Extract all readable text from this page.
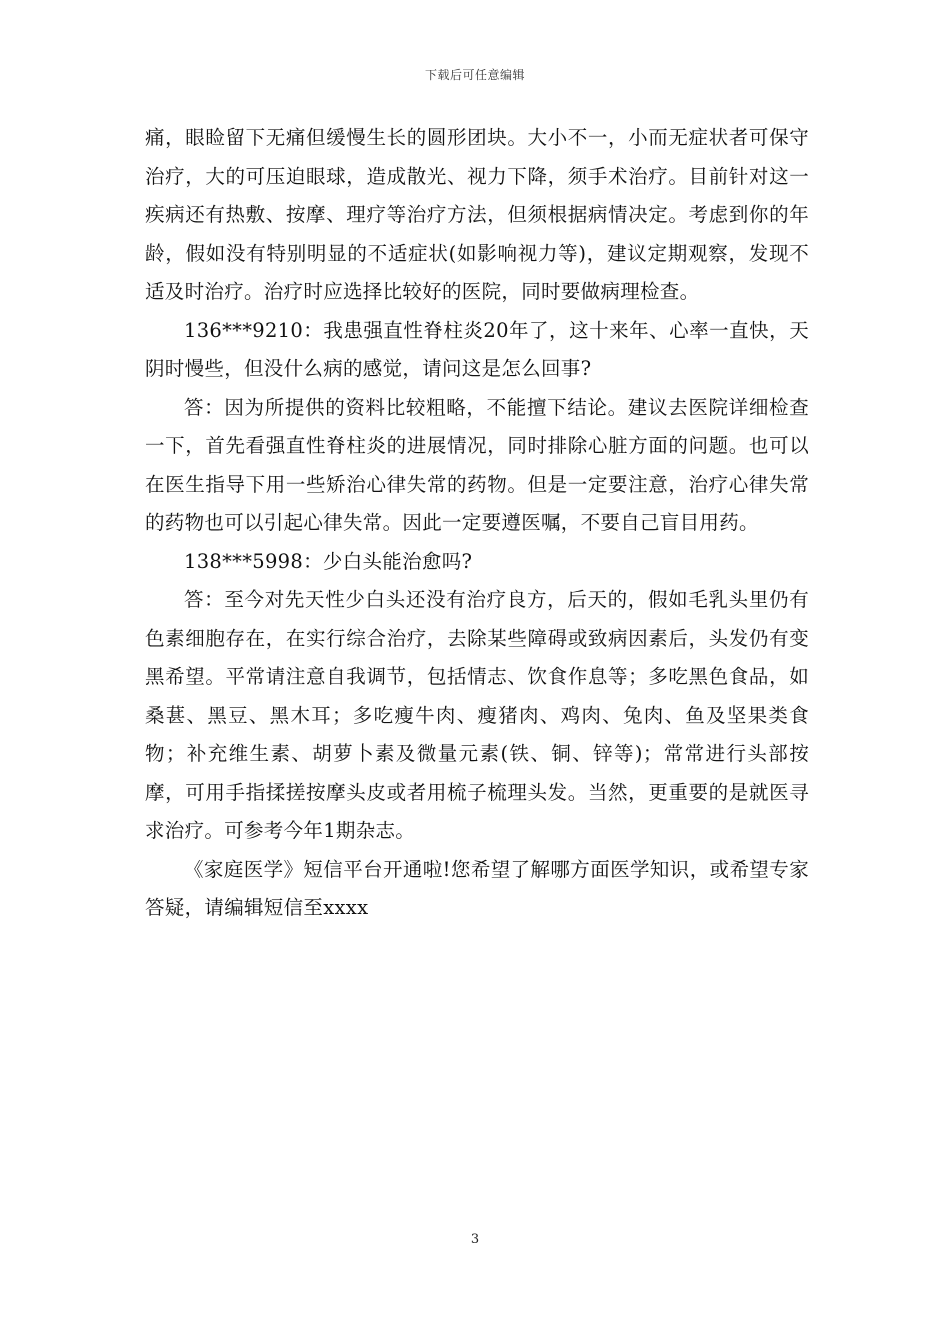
下载后可任意编辑

痛，眼睑留下无痛但缓慢生长的圆形团块。大小不一，小而无症状者可保守治疗，大的可压迫眼球，造成散光、视力下降，须手术治疗。目前针对这一疾病还有热敷、按摩、理疗等治疗方法，但须根据病情决定。考虑到你的年龄，假如没有特别明显的不适症状(如影响视力等)，建议定期观察，发现不适及时治疗。治疗时应选择比较好的医院，同时要做病理检查。

136***9210：我患强直性脊柱炎20年了，这十来年、心率一直快，天阴时慢些，但没什么病的感觉，请问这是怎么回事?

答：因为所提供的资料比较粗略，不能擅下结论。建议去医院详细检查一下，首先看强直性脊柱炎的进展情况，同时排除心脏方面的问题。也可以在医生指导下用一些矫治心律失常的药物。但是一定要注意，治疗心律失常的药物也可以引起心律失常。因此一定要遵医嘱，不要自己盲目用药。

138***5998：少白头能治愈吗?

答：至今对先天性少白头还没有治疗良方，后天的，假如毛乳头里仍有色素细胞存在，在实行综合治疗，去除某些障碍或致病因素后，头发仍有变黑希望。平常请注意自我调节，包括情志、饮食作息等；多吃黑色食品，如桑葚、黑豆、黑木耳；多吃瘦牛肉、瘦猪肉、鸡肉、兔肉、鱼及坚果类食物；补充维生素、胡萝卜素及微量元素(铁、铜、锌等)；常常进行头部按摩，可用手指揉搓按摩头皮或者用梳子梳理头发。当然，更重要的是就医寻求治疗。可参考今年1期杂志。

《家庭医学》短信平台开通啦!您希望了解哪方面医学知识，或希望专家答疑，请编辑短信至xxxx

3
